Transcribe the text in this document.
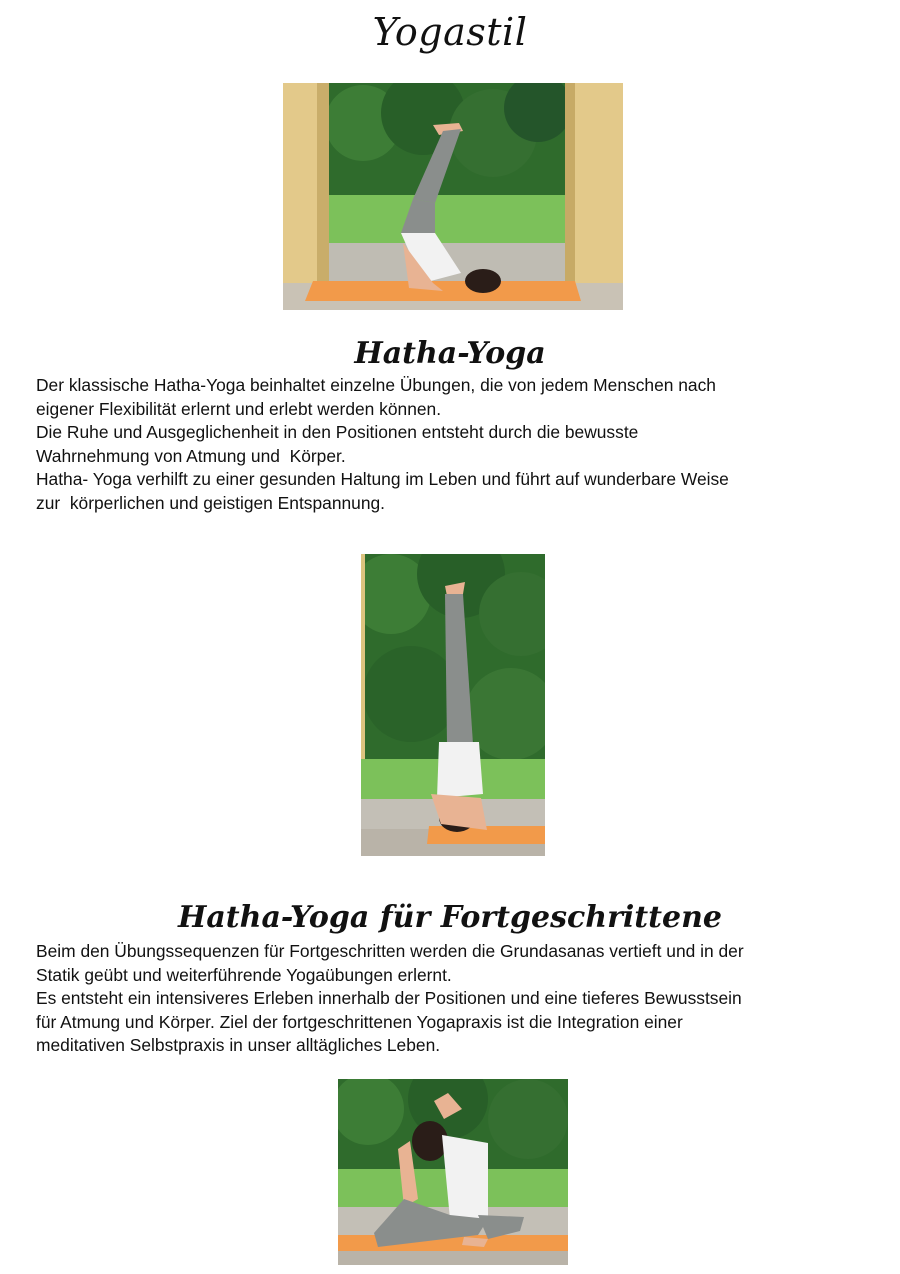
Yogastil
Hatha-Yoga
Der klassische Hatha-Yoga beinhaltet einzelne Übungen, die von jedem Menschen nach
eigener Flexibilität erlernt und erlebt werden können.
Die Ruhe und Ausgeglichenheit in den Positionen entsteht durch die bewusste
Wahrnehmung von Atmung und  Körper.
Hatha- Yoga verhilft zu einer gesunden Haltung im Leben und führt auf wunderbare Weise
zur  körperlichen und geistigen Entspannung.
Hatha-Yoga für Fortgeschrittene
Beim den Übungssequenzen für Fortgeschritten werden die Grundasanas vertieft und in der
Statik geübt und weiterführende Yogaübungen erlernt.
Es entsteht ein intensiveres Erleben innerhalb der Positionen und eine tieferes Bewusstsein
für Atmung und Körper. Ziel der fortgeschrittenen Yogapraxis ist die Integration einer
meditativen Selbstpraxis in unser alltägliches Leben.
